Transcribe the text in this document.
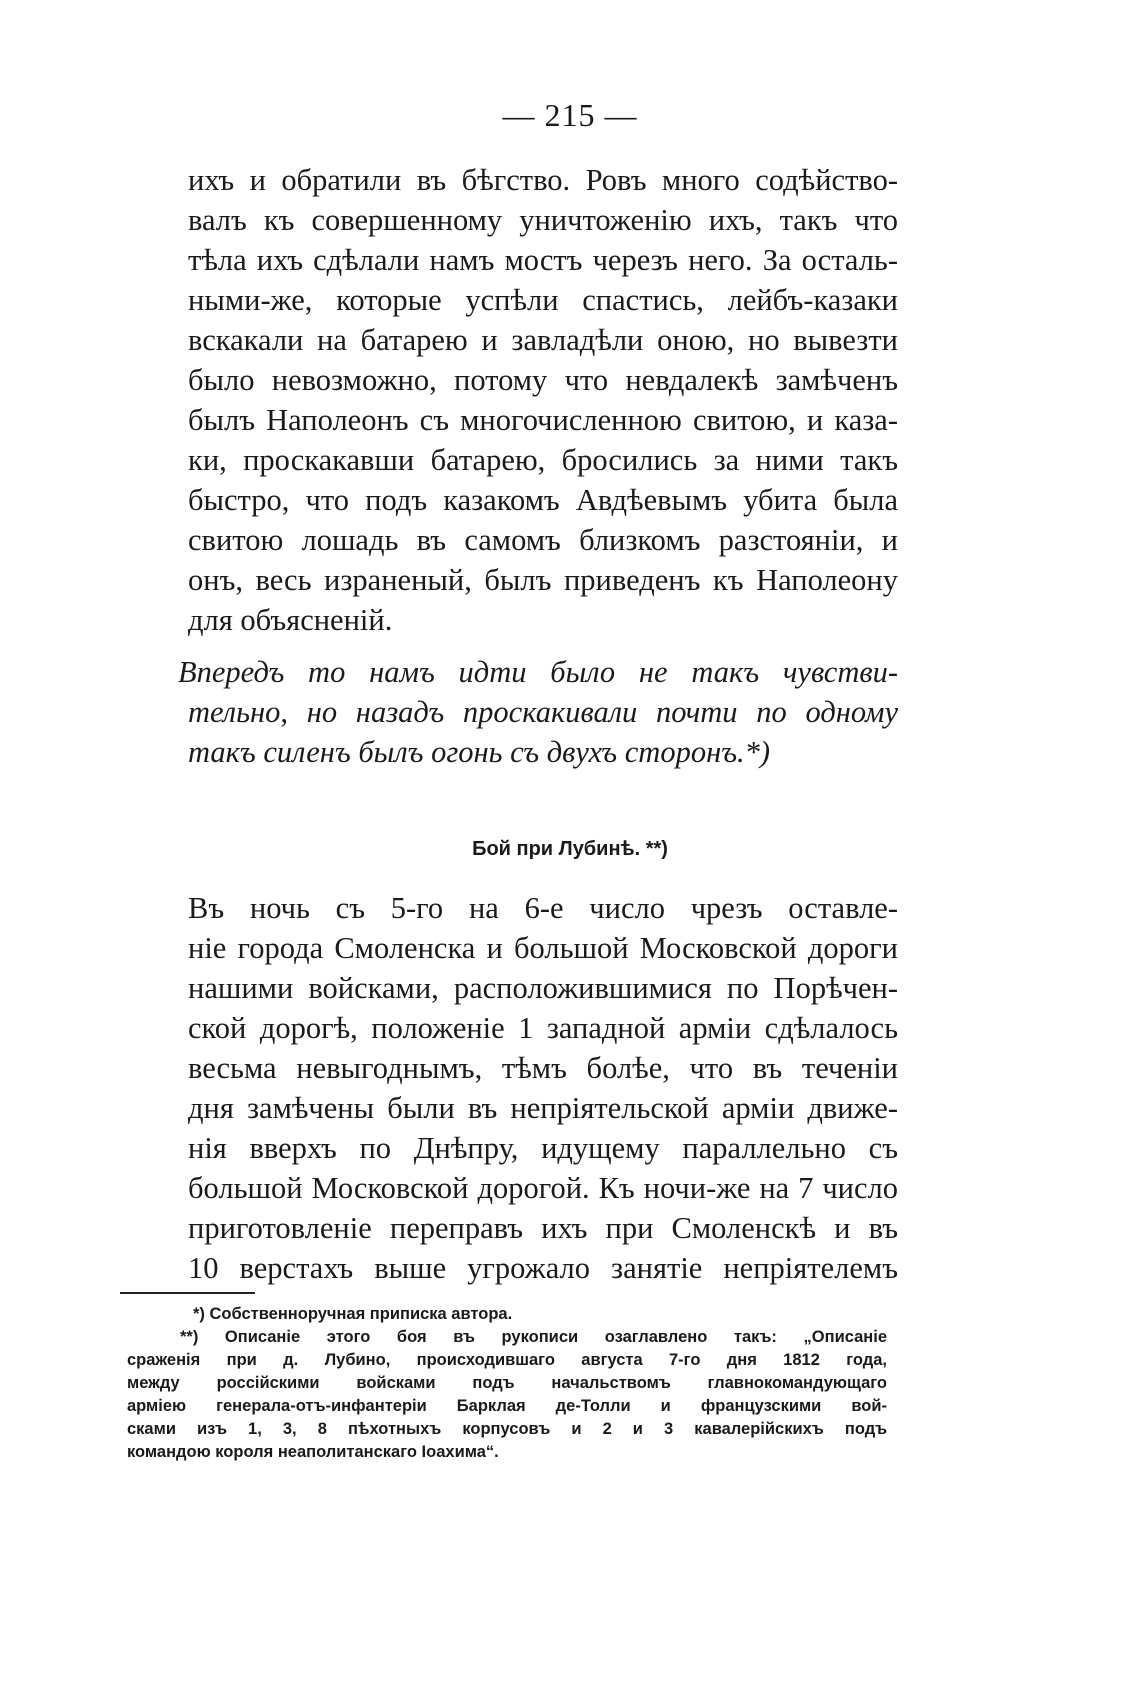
— 215 —
ихъ и обратили въ бѣгство. Ровъ много содѣйство-
валъ къ совершенному уничтоженію ихъ, такъ что
тѣла ихъ сдѣлали намъ мостъ черезъ него. За осталь-
ными-же, которые успѣли спастись, лейбъ-казаки
вскакали на батарею и завладѣли оною, но вывезти
было невозможно, потому что невдалекѣ замѣченъ
былъ Наполеонъ съ многочисленною свитою, и каза-
ки, проскакавши батарею, бросились за ними такъ
быстро, что подъ казакомъ Авдѣевымъ убита была
свитою лошадь въ самомъ близкомъ разстояніи, и
онъ, весь израненый, былъ приведенъ къ Наполеону
для объясненій.
Впередъ то намъ идти было не такъ чувстви-
тельно, но назадъ проскакивали почти по одному
такъ силенъ былъ огонь съ двухъ сторонъ.*)
Бой при Лубинѣ. **)
Въ ночь съ 5-го на 6-е число чрезъ оставле-
ніе города Смоленска и большой Московской дороги
нашими войсками, расположившимися по Порѣчен-
ской дорогѣ, положеніе 1 западной арміи сдѣлалось
весьма невыгоднымъ, тѣмъ болѣе, что въ теченіи
дня замѣчены были въ непріятельской арміи движе-
нія вверхъ по Днѣпру, идущему параллельно съ
большой Московской дорогой. Къ ночи-же на 7 число
приготовленіе переправъ ихъ при Смоленскѣ и въ
10 верстахъ выше угрожало занятіе непріятелемъ
*) Собственноручная приписка автора.
**) Описаніе этого боя въ рукописи озаглавлено такъ: „Описаніе
сраженія при д. Лубино, происходившаго августа 7-го дня 1812 года,
между россійскими войсками подъ начальствомъ главнокомандующаго
арміею генерала-отъ-инфантеріи Барклая де-Толли и французскими вой-
сками изъ 1, 3, 8 пѣхотныхъ корпусовъ и 2 и 3 кавалерійскихъ подъ
командою короля неаполитанскаго Іоахима“.
